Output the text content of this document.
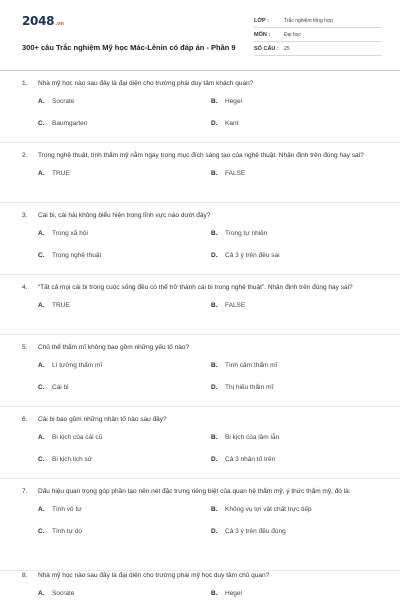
2048 .vn
300+ câu Trắc nghiệm Mỹ học Mác-Lênin có đáp án - Phần 9
LỚP :	Trắc nghiệm tổng hợp
MÔN :	Đại học
SỐ CÂU :	25
1.	Nhà mỹ học nào sau đây là đại diện cho trường phái duy tâm khách quan?
A.	Socrate	B.	Hegel
C.	Baumgarten	D.	Kant
2.	Trong nghệ thuật, tính thẩm mỹ nằm ngay trong mục đích sáng tạo của nghệ thuật. Nhận định trên đúng hay sai?
A.	TRUE	B.	FALSE
3.	Cái bi, cái hài không biểu hiện trong lĩnh vực nào dưới đây?
A.	Trong xã hội	B.	Trong tự nhiên
C.	Trong nghệ thuật	D.	Cả 3 ý trên đều sai
4.	“Tất cả mọi cái bi trong cuộc sống đều có thể trở thành cái bi trong nghệ thuật”. Nhận định trên đúng hay sai?
A.	TRUE	B.	FALSE
5.	Chủ thể thẩm mĩ không bao gồm những yếu tố nào?
A.	Lí tưởng thẩm mĩ	B.	Tình cảm thẩm mĩ
C.	Cái bi	D.	Thị hiếu thẩm mĩ
6.	Cái bi bao gồm những nhân tố nào sau đây?
A.	Bi kịch của cái cũ	B.	Bi kịch của lầm lẫn
C.	Bi kịch lịch sử	D.	Cả 3 nhân tố trên
7.	Dấu hiệu quan trọng góp phần tạo nên nét đặc trưng riêng biệt của quan hệ thẩm mỹ, ý thức thẩm mỹ, đó là:
A.	Tính vô tư	B.	Không vụ lợi vật chất trực tiếp
C.	Tính tự do	D.	Cả 3 ý trên đều đúng
8.	Nhà mỹ học nào sau đây là đại diện cho trường phái mỹ học duy tâm chủ quan?
A.	Socrate	B.	Hegel
